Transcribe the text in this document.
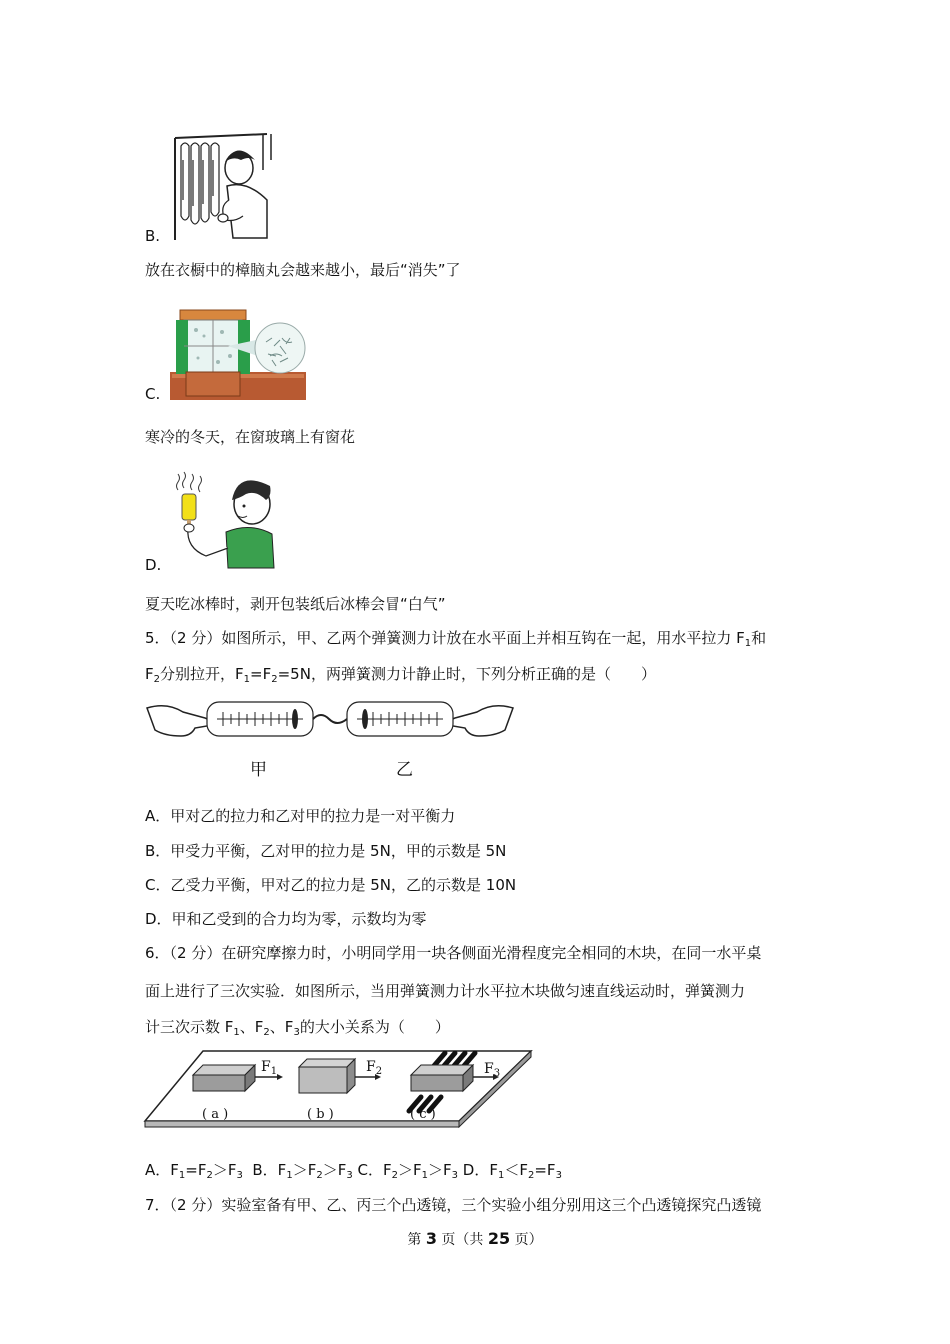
B.
放在衣橱中的樟脑丸会越来越小，最后“消失”了
C.
寒冷的冬天，在窗玻璃上有窗花
D.
夏天吃冰棒时，剥开包装纸后冰棒会冒“白气”
5．（2 分）如图所示，甲、乙两个弹簧测力计放在水平面上并相互钩在一起，用水平拉力 $F_1$和
$F_2$分别拉开，$F_1=F_2=5N$，两弹簧测力计静止时，下列分析正确的是（　　）
甲	乙
A．甲对乙的拉力和乙对甲的拉力是一对平衡力
B．甲受力平衡，乙对甲的拉力是 5N，甲的示数是 5N
C．乙受力平衡，甲对乙的拉力是 5N，乙的示数是 10N
D．甲和乙受到的合力均为零，示数均为零
6．（2 分）在研究摩擦力时，小明同学用一块各侧面光滑程度完全相同的木块，在同一水平桌
面上进行了三次实验．如图所示，当用弹簧测力计水平拉木块做匀速直线运动时，弹簧测力
计三次示数 $F_1$、$F_2$、$F_3$的大小关系为（　　）
$F_1$	$F_2$	$F_3$
( a )	( b )	( c )
A．$F_1=F_2>F_3$  B．$F_1>F_2>F_3$ C．$F_2>F_1>F_3$ D．$F_1<F_2=F_3$
7．（2 分）实验室备有甲、乙、丙三个凸透镜，三个实验小组分别用这三个凸透镜探究凸透镜
第 3 页（共 25 页）
